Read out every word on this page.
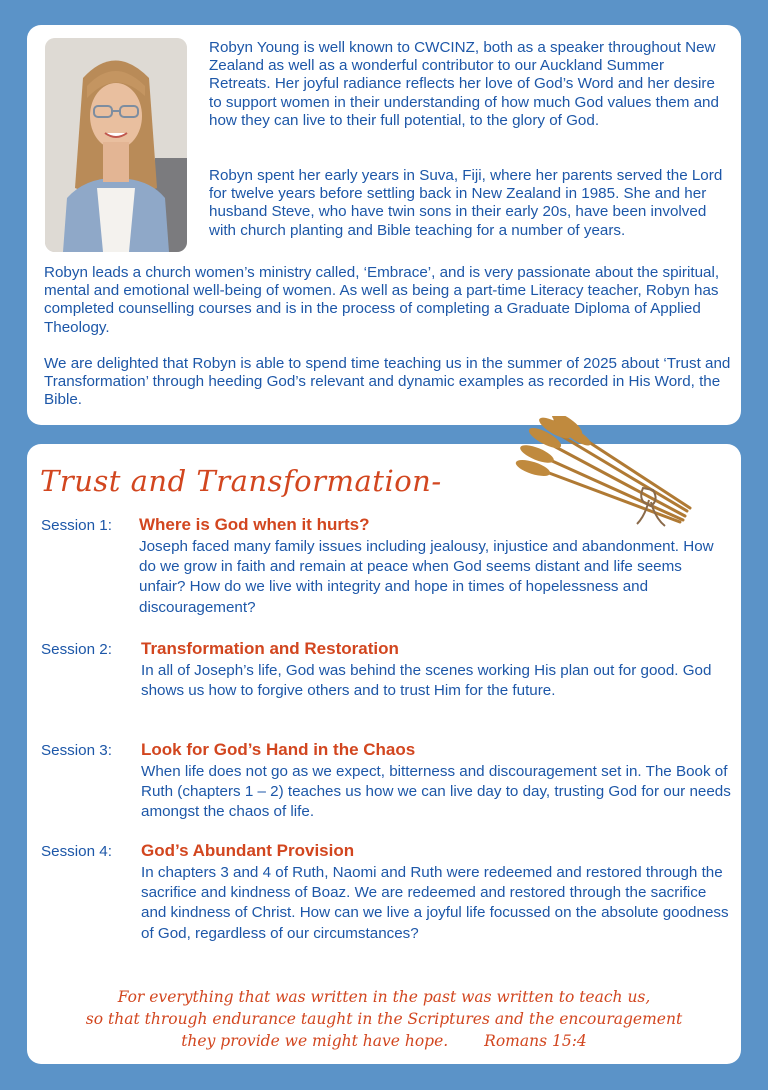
Robyn Young is well known to CWCINZ, both as a speaker throughout New Zealand as well as a wonderful contributor to our Auckland Summer Retreats. Her joyful radiance reflects her love of God’s Word and her desire to support women in their understanding of how much God values them and how they can live to their full potential, to the glory of God.

Robyn spent her early years in Suva, Fiji, where her parents served the Lord for twelve years before settling back in New Zealand in 1985. She and her husband Steve, who have twin sons in their early 20s, have been involved with church planting and Bible teaching for a number of years.

Robyn leads a church women’s ministry called, ‘Embrace’, and is very passionate about the spiritual, mental and emotional well-being of women. As well as being a part-time Literacy teacher, Robyn has completed counselling courses and is in the process of completing a Graduate Diploma of Applied Theology.

We are delighted that Robyn is able to spend time teaching us in the summer of 2025 about ‘Trust and Transformation’ through heeding God’s relevant and dynamic examples as recorded in His Word, the Bible.

Trust and Transformation-
Session 1: Where is God when it hurts?

Joseph faced many family issues including jealousy, injustice and abandonment. How do we grow in faith and remain at peace when God seems distant and life seems unfair? How do we live with integrity and hope in times of hopelessness and discouragement?

Session 2: Transformation and Restoration

In all of Joseph’s life, God was behind the scenes working His plan out for good. God shows us how to forgive others and to trust Him for the future.

Session 3: Look for God’s Hand in the Chaos

When life does not go as we expect, bitterness and discouragement set in. The Book of Ruth (chapters 1 – 2) teaches us how we can live day to day, trusting God for our needs amongst the chaos of life.

Session 4: God’s Abundant Provision

In chapters 3 and 4 of Ruth, Naomi and Ruth were redeemed and restored through the sacrifice and kindness of Boaz. We are redeemed and restored through the sacrifice and kindness of Christ. How can we live a joyful life focussed on the absolute goodness of God, regardless of our circumstances?

For everything that was written in the past was written to teach us,
so that through endurance taught in the Scriptures and the encouragement
they provide we might have hope. Romans 15:4
